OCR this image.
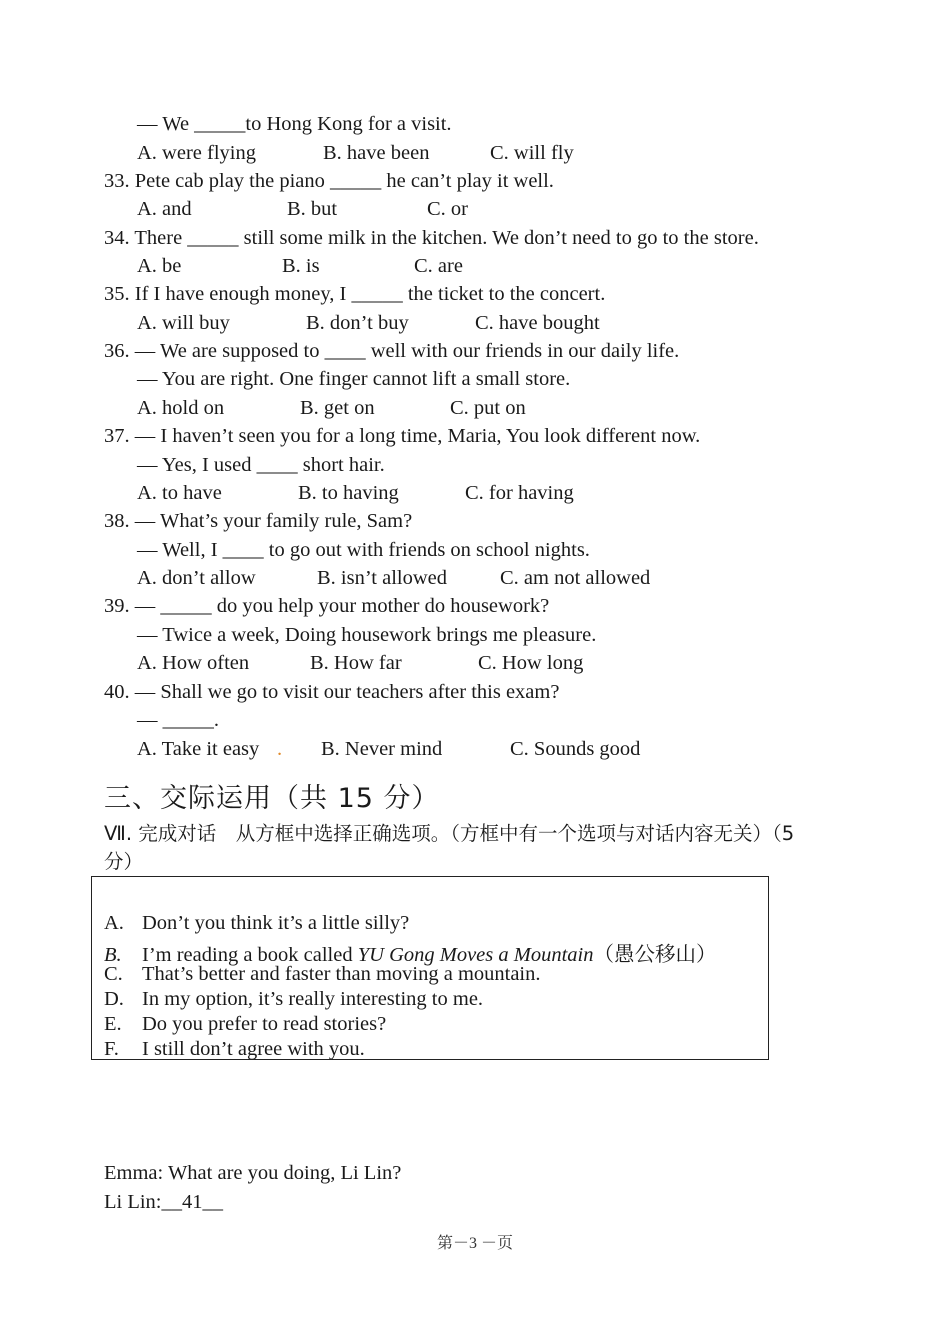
— We _____to Hong Kong for a visit.
A. were flying	B. have been	C. will fly
33. Pete cab play the piano _____ he can’t play it well.
A. and	B. but	C. or
34. There _____ still some milk in the kitchen. We don’t need to go to the store.
A. be	B. is	C. are
35. If I have enough money, I _____ the ticket to the concert.
A. will buy	B. don’t buy	C. have bought
36. — We are supposed to ____ well with our friends in our daily life.
— You are right. One finger cannot lift a small store.
A. hold on	B. get on	C. put on
37. — I haven’t seen you for a long time, Maria, You look different now.
— Yes, I used ____ short hair.
A. to have	B. to having	C. for having
38. — What’s your family rule, Sam?
— Well, I ____ to go out with friends on school nights.
A. don’t allow	B. isn’t allowed	C. am not allowed
39. — _____ do you help your mother do housework?
— Twice a week, Doing housework brings me pleasure.
A. How often	B. How far	C. How long
40. — Shall we go to visit our teachers after this exam?
— _____.
A. Take it easy . B. Never mind	C. Sounds good
三、交际运用（共 15 分）
Ⅶ. 完成对话　从方框中选择正确选项。（方框中有一个选项与对话内容无关）（5 分）
A. Don’t you think it’s a little silly?
B. I’m reading a book called YU Gong Moves a Mountain（愚公移山）
C. That’s better and faster than moving a mountain.
D. In my option, it’s really interesting to me.
E. Do you prefer to read stories?
F. I still don’t agree with you.
Emma: What are you doing, Li Lin?
Li Lin:__41__
第－3 －页
